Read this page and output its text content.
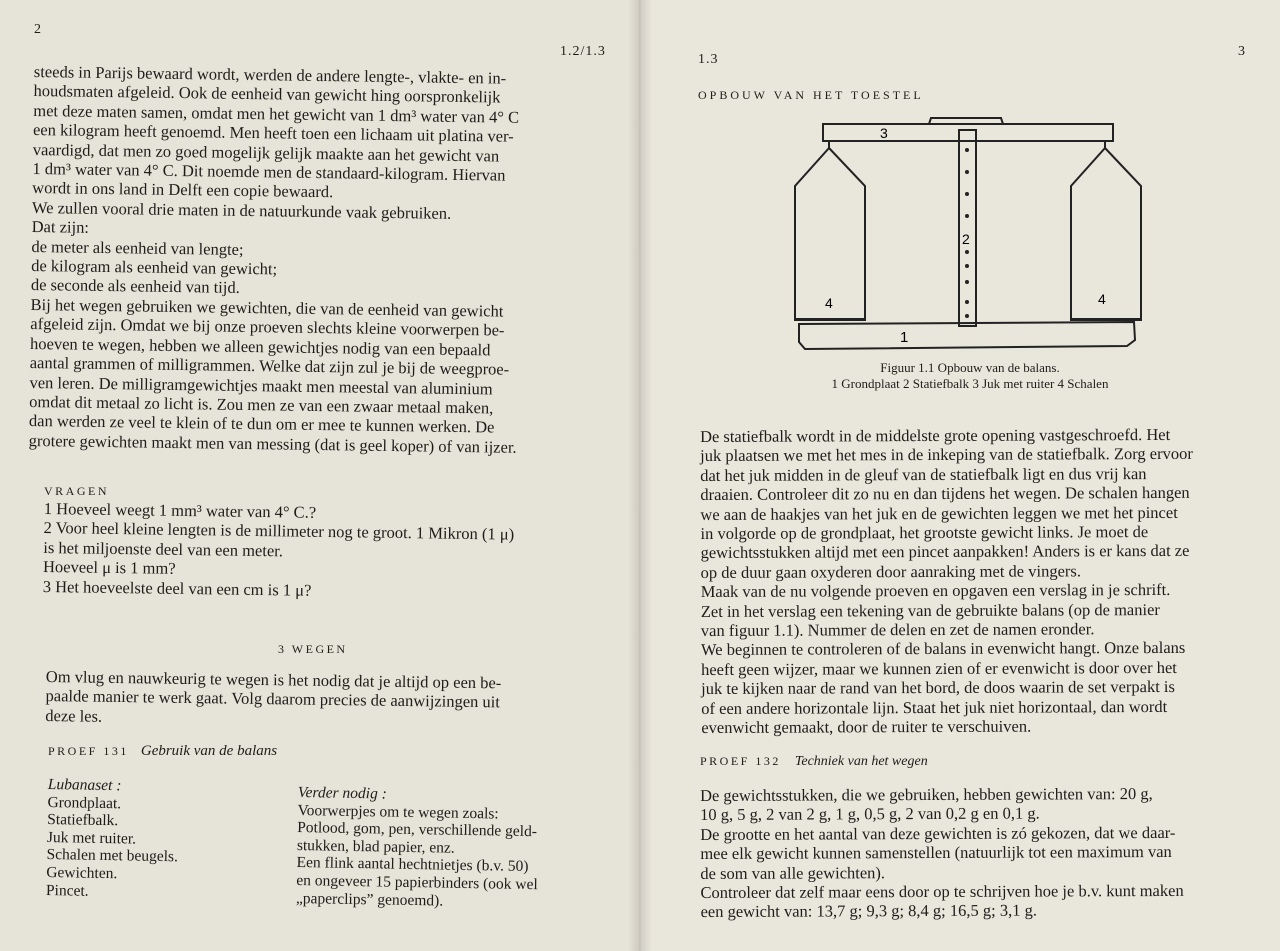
2
1.2/1.3
steeds in Parijs bewaard wordt, werden de andere lengte-, vlakte- en in-
houdsmaten afgeleid. Ook de eenheid van gewicht hing oorspronkelijk
met deze maten samen, omdat men het gewicht van 1 dm³ water van 4° C
een kilogram heeft genoemd. Men heeft toen een lichaam uit platina ver-
vaardigd, dat men zo goed mogelijk gelijk maakte aan het gewicht van
1 dm³ water van 4° C. Dit noemde men de standaard-kilogram. Hiervan
wordt in ons land in Delft een copie bewaard.
We zullen vooral drie maten in de natuurkunde vaak gebruiken.
Dat zijn:
de meter als eenheid van lengte;
de kilogram als eenheid van gewicht;
de seconde als eenheid van tijd.
Bij het wegen gebruiken we gewichten, die van de eenheid van gewicht
afgeleid zijn. Omdat we bij onze proeven slechts kleine voorwerpen be-
hoeven te wegen, hebben we alleen gewichtjes nodig van een bepaald
aantal grammen of milligrammen. Welke dat zijn zul je bij de weegproe-
ven leren. De milligramgewichtjes maakt men meestal van aluminium
omdat dit metaal zo licht is. Zou men ze van een zwaar metaal maken,
dan werden ze veel te klein of te dun om er mee te kunnen werken. De
grotere gewichten maakt men van messing (dat is geel koper) of van ijzer.
VRAGEN
1 Hoeveel weegt 1 mm³ water van 4° C.?
2 Voor heel kleine lengten is de millimeter nog te groot. 1 Mikron (1 μ)
is het miljoenste deel van een meter.
Hoeveel μ is 1 mm?
3 Het hoeveelste deel van een cm is 1 μ?
3 WEGEN
Om vlug en nauwkeurig te wegen is het nodig dat je altijd op een be-
paalde manier te werk gaat. Volg daarom precies de aanwijzingen uit
deze les.
PROEF 131 Gebruik van de balans
Lubanaset :
Grondplaat.
Statiefbalk.
Juk met ruiter.
Schalen met beugels.
Gewichten.
Pincet.
Verder nodig :
Voorwerpjes om te wegen zoals:
Potlood, gom, pen, verschillende geld-
stukken, blad papier, enz.
Een flink aantal hechtnietjes (b.v. 50)
en ongeveer 15 papierbinders (ook wel
„paperclips” genoemd).
1.3
3
OPBOUW VAN HET TOESTEL
3
2
4	4
1
Figuur 1.1 Opbouw van de balans.
1 Grondplaat 2 Statiefbalk 3 Juk met ruiter 4 Schalen
De statiefbalk wordt in de middelste grote opening vastgeschroefd. Het
juk plaatsen we met het mes in de inkeping van de statiefbalk. Zorg ervoor
dat het juk midden in de gleuf van de statiefbalk ligt en dus vrij kan
draaien. Controleer dit zo nu en dan tijdens het wegen. De schalen hangen
we aan de haakjes van het juk en de gewichten leggen we met het pincet
in volgorde op de grondplaat, het grootste gewicht links. Je moet de
gewichtsstukken altijd met een pincet aanpakken! Anders is er kans dat ze
op de duur gaan oxyderen door aanraking met de vingers.
Maak van de nu volgende proeven en opgaven een verslag in je schrift.
Zet in het verslag een tekening van de gebruikte balans (op de manier
van figuur 1.1). Nummer de delen en zet de namen eronder.
We beginnen te controleren of de balans in evenwicht hangt. Onze balans
heeft geen wijzer, maar we kunnen zien of er evenwicht is door over het
juk te kijken naar de rand van het bord, de doos waarin de set verpakt is
of een andere horizontale lijn. Staat het juk niet horizontaal, dan wordt
evenwicht gemaakt, door de ruiter te verschuiven.
PROEF 132 Techniek van het wegen
De gewichtsstukken, die we gebruiken, hebben gewichten van: 20 g,
10 g, 5 g, 2 van 2 g, 1 g, 0,5 g, 2 van 0,2 g en 0,1 g.
De grootte en het aantal van deze gewichten is zó gekozen, dat we daar-
mee elk gewicht kunnen samenstellen (natuurlijk tot een maximum van
de som van alle gewichten).
Controleer dat zelf maar eens door op te schrijven hoe je b.v. kunt maken
een gewicht van: 13,7 g; 9,3 g; 8,4 g; 16,5 g; 3,1 g.
